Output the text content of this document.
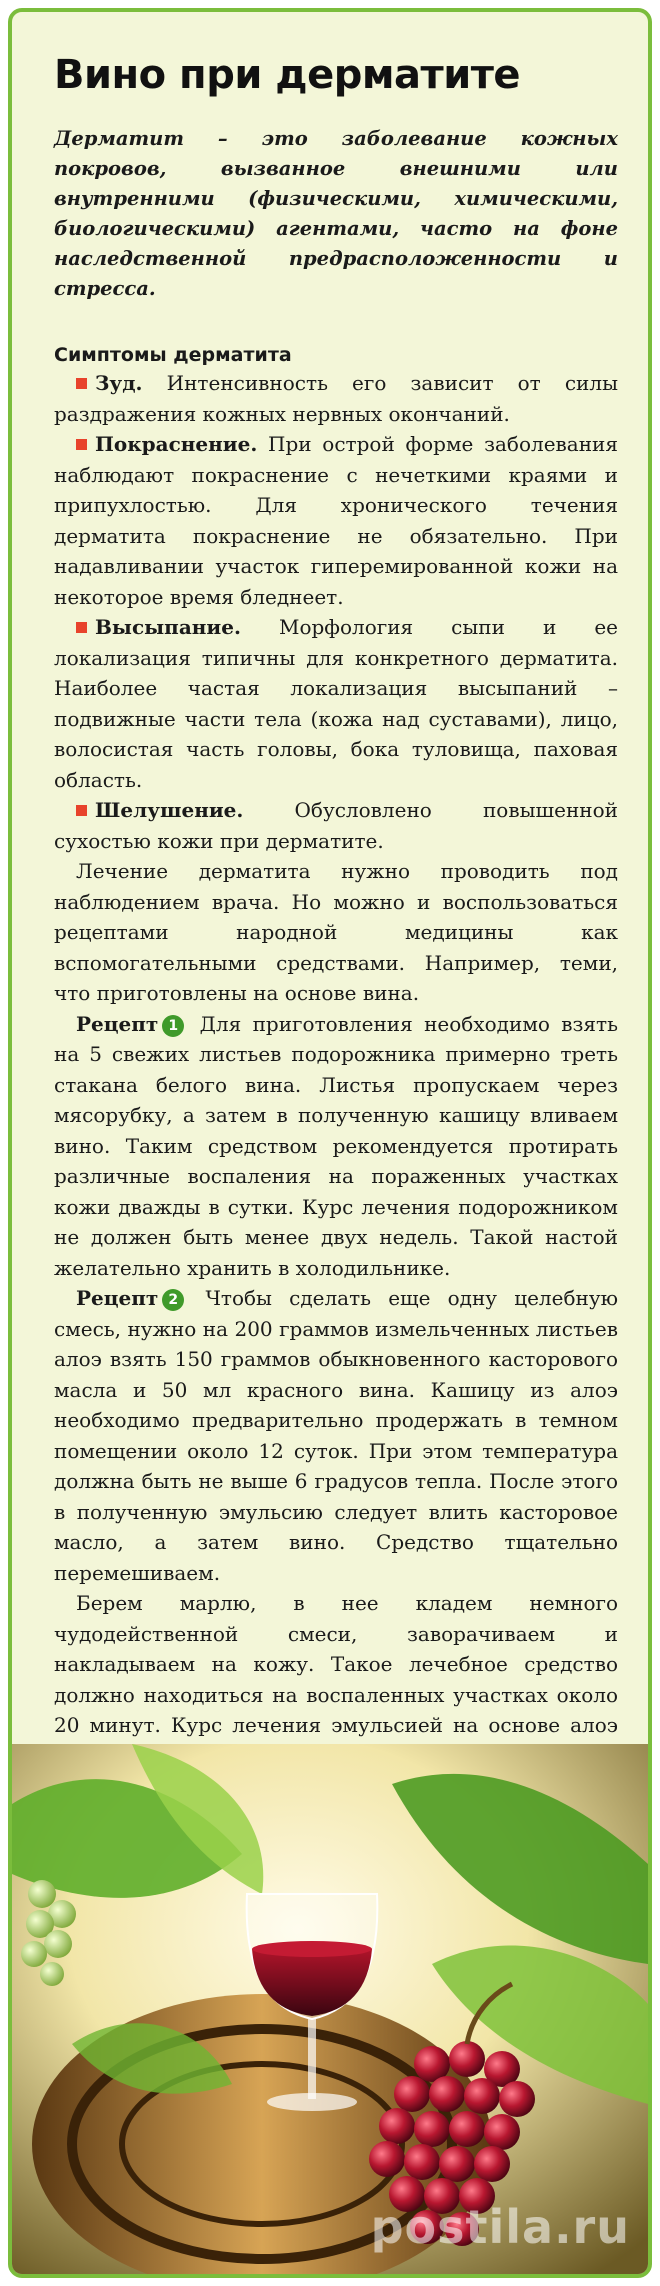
Вино при дерматите

Дерматит – это заболевание кожных покровов, вызванное внешними или внутренними (физическими, химическими, биологическими) агентами, часто на фоне наследственной предрасположенности и стресса.

Симптомы дерматита

Зуд. Интенсивность его зависит от силы раздражения кожных нервных окончаний.

Покраснение. При острой форме заболевания наблюдают покраснение с нечеткими краями и припухлостью. Для хронического течения дерматита покраснение не обязательно. При надавливании участок гиперемированной кожи на некоторое время бледнеет.

Высыпание. Морфология сыпи и ее локализация типичны для конкретного дерматита. Наиболее частая локализация высыпаний – подвижные части тела (кожа над суставами), лицо, волосистая часть головы, бока туловища, паховая область.

Шелушение.	Обусловлено повышенной сухостью кожи при дерматите.

Лечение дерматита нужно проводить под наблюдением врача. Но можно и воспользоваться рецептами народной медицины как вспомогательными средствами. Например, теми, что приготовлены на основе вина.

Рецепт 1 Для приготовления необходимо взять на 5 свежих листьев подорожника примерно треть стакана белого вина. Листья пропускаем через мясорубку, а затем в полученную кашицу вливаем вино. Таким средством рекомендуется протирать различные воспаления на пораженных участках кожи дважды в сутки. Курс лечения подорожником не должен быть менее двух недель. Такой настой желательно хранить в холодильнике.

Рецепт 2 Чтобы сделать еще одну целебную смесь, нужно на 200 граммов измельченных листьев алоэ взять 150 граммов обыкновенного касторового масла и 50 мл красного вина. Кашицу из алоэ необходимо предварительно продержать в темном помещении около 12 суток. При этом температура должна быть не выше 6 градусов тепла. После этого в полученную эмульсию следует влить касторовое масло, а затем вино. Средство тщательно перемешиваем.

Берем марлю, в нее кладем немного чудодейственной смеси, заворачиваем и накладываем на кожу. Такое лечебное средство должно находиться на воспаленных участках около 20 минут. Курс лечения эмульсией на основе алоэ

postila.ru
